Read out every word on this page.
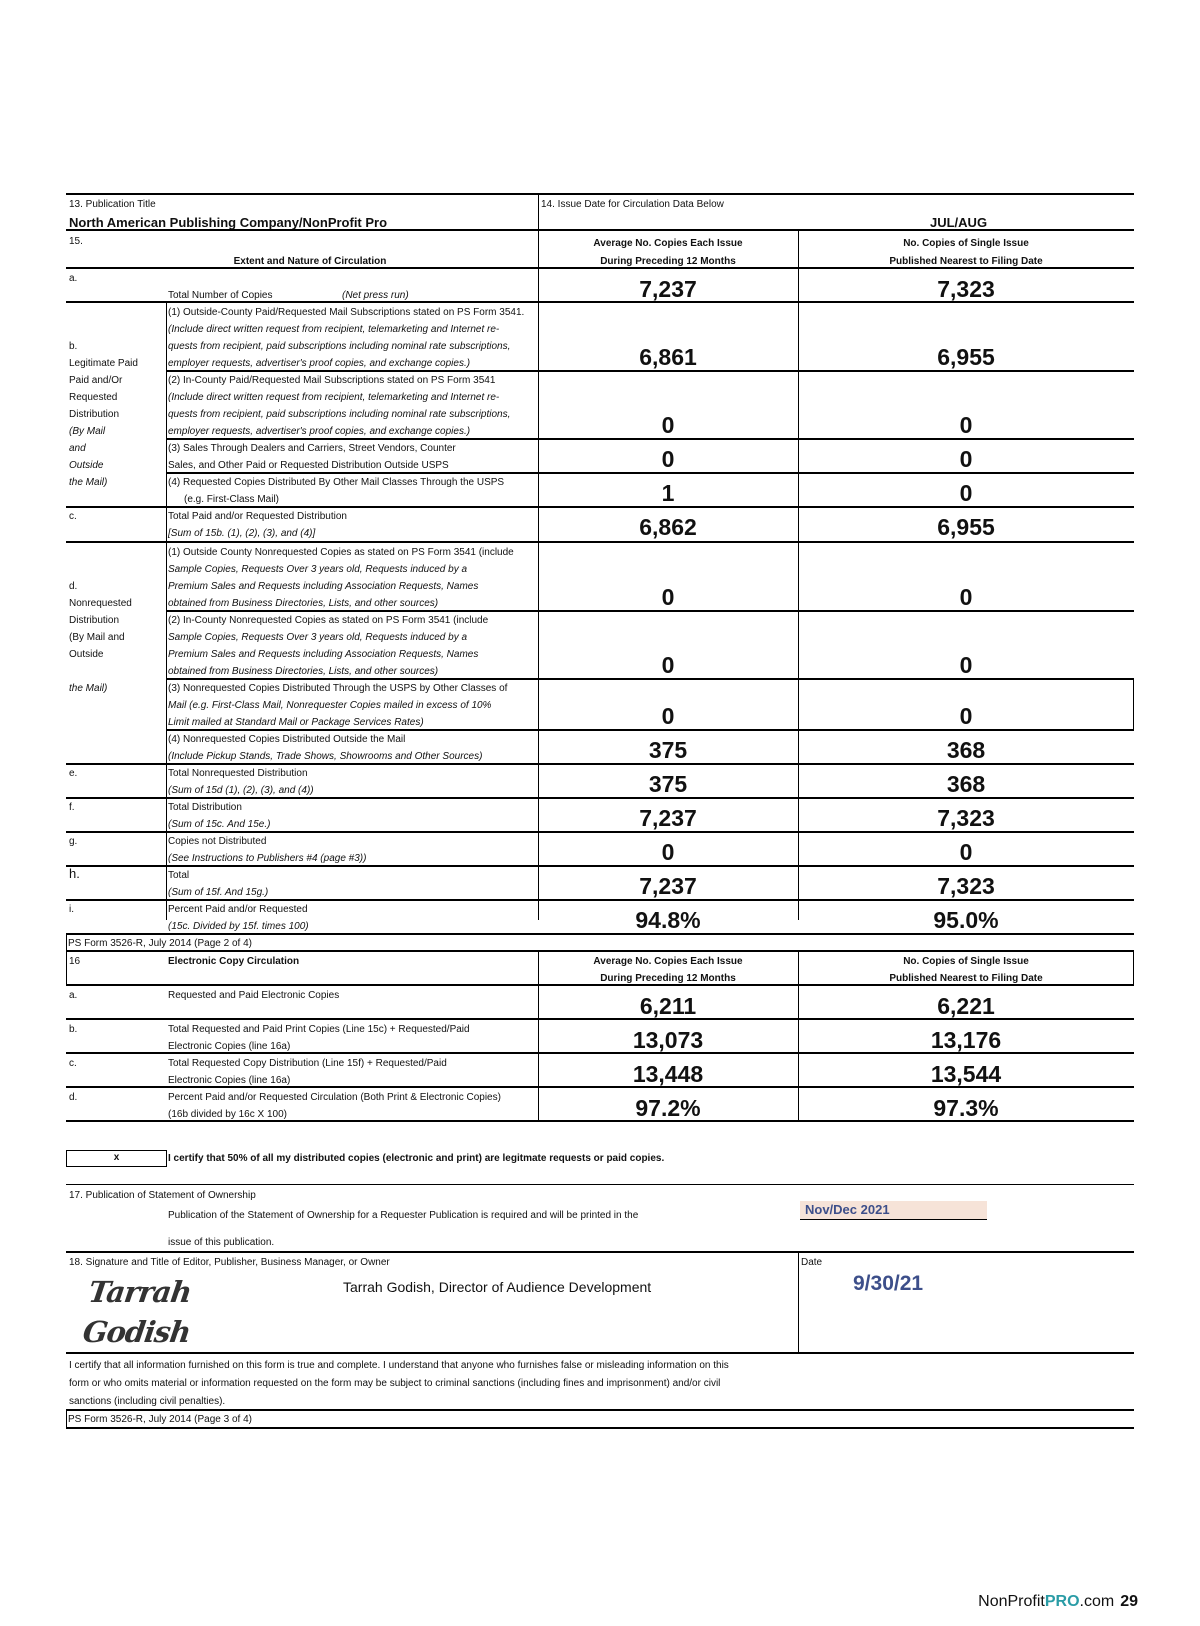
13. Publication Title
North American Publishing Company/NonProfit Pro
14. Issue Date for Circulation Data Below
JUL/AUG
15.
Extent and Nature of Circulation
Average No. Copies Each Issue
During Preceding 12 Months
No. Copies of Single Issue
Published Nearest to Filing Date
a.
Total Number of Copies	(Net press run)	7,237	7,323
b.
Legitimate Paid
Paid and/Or
Requested
Distribution
(By Mail
and
Outside
the Mail)
(1) Outside-County Paid/Requested Mail Subscriptions stated on PS Form 3541.
(Include direct written request from recipient, telemarketing and Internet re-
quests from recipient, paid subscriptions including nominal rate subscriptions,
employer requests, advertiser's proof copies, and exchange copies.)	6,861	6,955
(2) In-County Paid/Requested Mail Subscriptions stated on PS Form 3541
(Include direct written request from recipient, telemarketing and Internet re-
quests from recipient, paid subscriptions including nominal rate subscriptions,
employer requests, advertiser's proof copies, and exchange copies.)	0	0
(3) Sales Through Dealers and Carriers, Street Vendors, Counter
Sales, and Other Paid or Requested Distribution Outside USPS	0	0
(4) Requested Copies Distributed By Other Mail Classes Through the USPS
(e.g. First-Class Mail)	1	0
c.	Total Paid and/or Requested Distribution
[Sum of 15b. (1), (2), (3), and (4)]	6,862	6,955
d.
Nonrequested
Distribution
(By Mail and
Outside
the Mail)
(1) Outside County Nonrequested Copies as stated on PS Form 3541 (include
Sample Copies, Requests Over 3 years old, Requests induced by a
Premium Sales and Requests including Association Requests, Names
obtained from Business Directories, Lists, and other sources)	0	0
(2) In-County Nonrequested Copies as stated on PS Form 3541 (include
Sample Copies, Requests Over 3 years old, Requests induced by a
Premium Sales and Requests including Association Requests, Names
obtained from Business Directories, Lists, and other sources)	0	0
(3) Nonrequested Copies Distributed Through the USPS by Other Classes of
Mail (e.g. First-Class Mail, Nonrequester Copies mailed in excess of 10%
Limit mailed at Standard Mail or Package Services Rates)	0	0
(4) Nonrequested Copies Distributed Outside the Mail
(Include Pickup Stands, Trade Shows, Showrooms and Other Sources)	375	368
e.	Total Nonrequested Distribution
(Sum of 15d (1), (2), (3), and (4))	375	368
f.	Total Distribution
(Sum of 15c. And 15e.)	7,237	7,323
g.	Copies not Distributed
(See Instructions to Publishers #4 (page #3))	0	0
h.	Total
(Sum of 15f. And 15g.)	7,237	7,323
i.	Percent Paid and/or Requested
(15c. Divided by 15f. times 100)	94.8%	95.0%
PS Form 3526-R, July 2014 (Page 2 of 4)
16	Electronic Copy Circulation	Average No. Copies Each Issue
During Preceding 12 Months
No. Copies of Single Issue
Published Nearest to Filing Date
a.	Requested and Paid Electronic Copies	6,211	6,221
b.	Total Requested and Paid Print Copies (Line 15c) + Requested/Paid
Electronic Copies (line 16a)	13,073	13,176
c.	Total Requested Copy Distribution (Line 15f) + Requested/Paid
Electronic Copies (line 16a)	13,448	13,544
d.	Percent Paid and/or Requested Circulation (Both Print & Electronic Copies)
(16b divided by 16c X 100)	97.2%	97.3%
x	I certify that 50% of all my distributed copies (electronic and print) are legitmate requests or paid copies.
17. Publication of Statement of Ownership
Publication of the Statement of Ownership for a Requester Publication is required and will be printed in the	Nov/Dec 2021
issue of this publication.
18. Signature and Title of Editor, Publisher, Business Manager, or Owner
Tarrah Godish
Tarrah Godish, Director of Audience Development
Date
9/30/21
I certify that all information furnished on this form is true and complete. I understand that anyone who furnishes false or misleading information on this
form or who omits material or information requested on the form may be subject to criminal sanctions (including fines and imprisonment) and/or civil
sanctions (including civil penalties).
PS Form 3526-R, July 2014 (Page 3 of 4)
NonProfitPRO.com 29
